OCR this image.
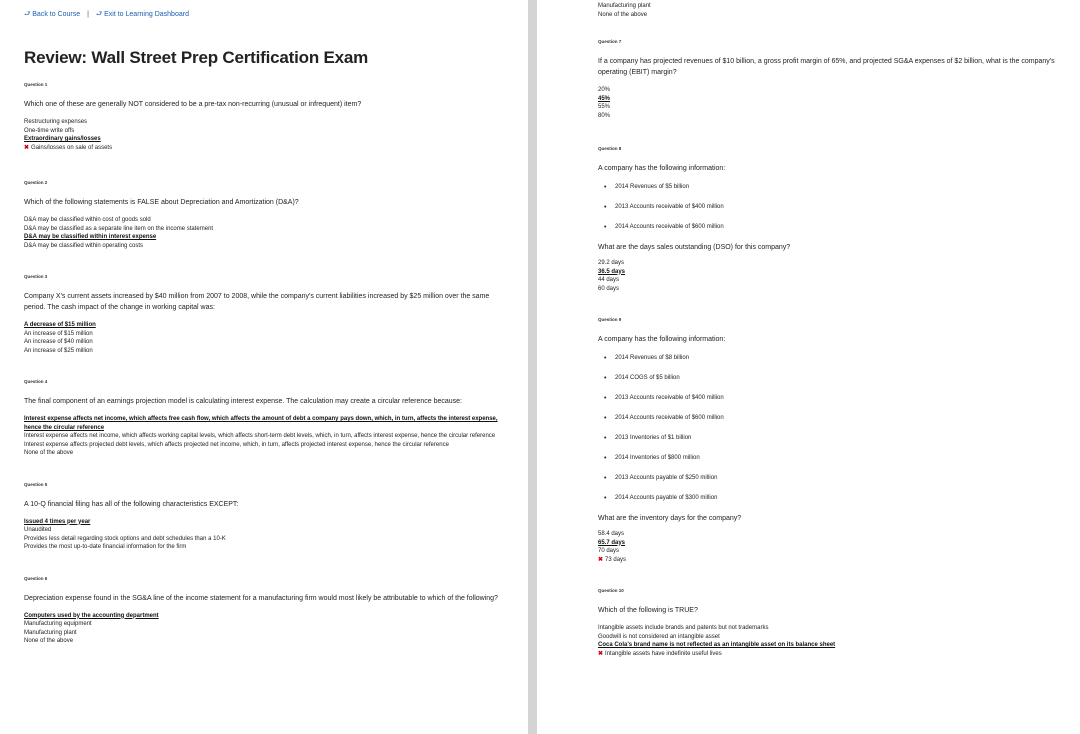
⮐ Back to Course | ⮐ Exit to Learning Dashboard
Review: Wall Street Prep Certification Exam
Question 1
Which one of these are generally NOT considered to be a pre-tax non-recurring (unusual or infrequent) item?
Restructuring expenses
One-time write offs
Extraordinary gains/losses
✖ Gains/losses on sale of assets
Question 2
Which of the following statements is FALSE about Depreciation and Amortization (D&A)?
D&A may be classified within cost of goods sold
D&A may be classified as a separate line item on the income statement
D&A may be classified within interest expense
D&A may be classified within operating costs
Question 3
Company X's current assets increased by $40 million from 2007 to 2008, while the company's current liabilities increased by $25 million over the same period. The cash impact of the change in working capital was:
A decrease of $15 million
An increase of $15 million
An increase of $40 million
An increase of $25 million
Question 4
The final component of an earnings projection model is calculating interest expense. The calculation may create a circular reference because:
Interest expense affects net income, which affects free cash flow, which affects the amount of debt a company pays down, which, in turn, affects the interest expense, hence the circular reference
Interest expense affects net income, which affects working capital levels, which affects short-term debt levels, which, in turn, affects interest expense, hence the circular reference
Interest expense affects projected debt levels, which affects projected net income, which, in turn, affects projected interest expense, hence the circular reference
None of the above
Question 5
A 10-Q financial filing has all of the following characteristics EXCEPT:
Issued 4 times per year
Unaudited
Provides less detail regarding stock options and debt schedules than a 10-K
Provides the most up-to-date financial information for the firm
Question 6
Depreciation expense found in the SG&A line of the income statement for a manufacturing firm would most likely be attributable to which of the following?
Computers used by the accounting department
Manufacturing equipment
Manufacturing plant
None of the above
Manufacturing plant
None of the above
Question 7
If a company has projected revenues of $10 billion, a gross profit margin of 65%, and projected SG&A expenses of $2 billion, what is the company's operating (EBIT) margin?
20%
45%
55%
80%
Question 8
A company has the following information:
• 2014 Revenues of $5 billion
• 2013 Accounts receivable of $400 million
• 2014 Accounts receivable of $600 million
What are the days sales outstanding (DSO) for this company?
29.2 days
36.5 days
44 days
60 days
Question 9
A company has the following information:
• 2014 Revenues of $8 billion
• 2014 COGS of $5 billion
• 2013 Accounts receivable of $400 million
• 2014 Accounts receivable of $600 million
• 2013 Inventories of $1 billion
• 2014 Inventories of $800 million
• 2013 Accounts payable of $250 million
• 2014 Accounts payable of $300 million
What are the inventory days for the company?
58.4 days
65.7 days
70 days
✖ 73 days
Question 10
Which of the following is TRUE?
Intangible assets include brands and patents but not trademarks
Goodwill is not considered an intangible asset
Coca Cola's brand name is not reflected as an intangible asset on its balance sheet
✖ Intangible assets have indefinite useful lives
